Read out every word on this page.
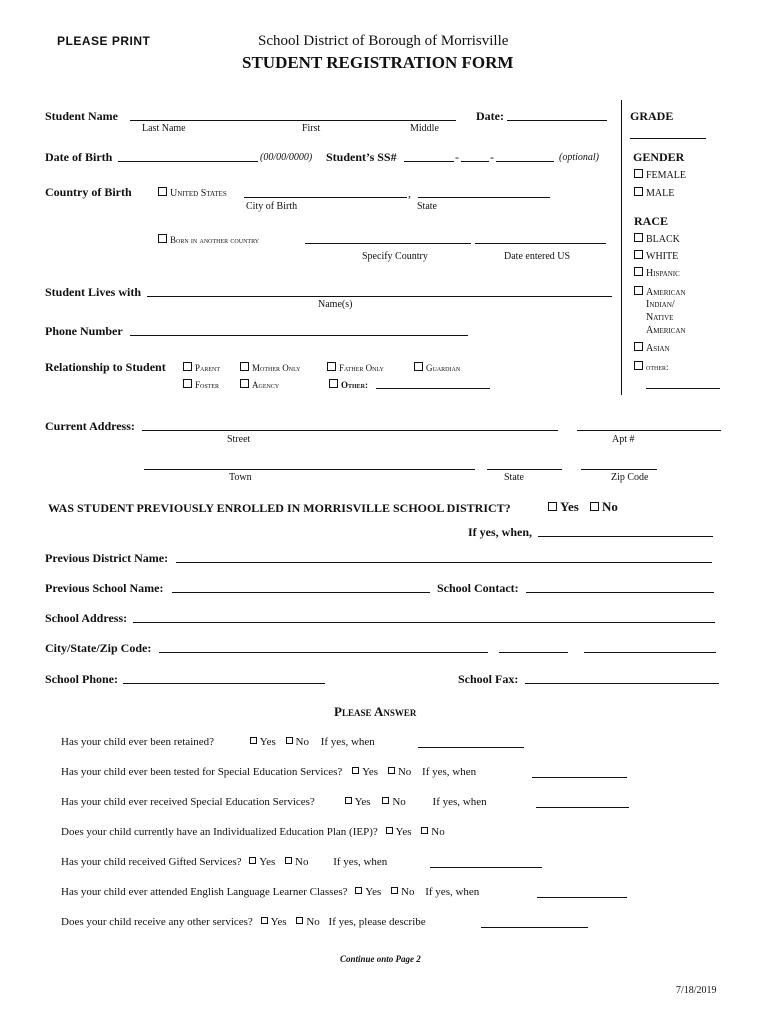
PLEASE PRINT	School District of Borough of Morrisville
STUDENT REGISTRATION FORM
Student Name
Last Name	First	Middle
Date:	GRADE
GENDER
FEMALE
MALE
RACE
BLACK
WHITE
Hispanic
American
Indian/
Native
American
Asian
other:
Date of Birth	(00/00/0000) Student’s SS#	-	-	(optional)
Country of Birth	United States	,
City of Birth	State
Born in another country
Specify Country	Date entered US
Student Lives with
Name(s)
Phone Number
Relationship to Student	Parent	Mother Only	Father Only	Guardian
Foster	Agency	Other:
Current Address:
Street	Apt #
Town	State	Zip Code
WAS STUDENT PREVIOUSLY ENROLLED IN MORRISVILLE SCHOOL DISTRICT?	Yes	No
If yes, when,
Previous District Name:
Previous School Name:	School Contact:
School Address:
City/State/Zip Code:
School Phone:	School Fax:
Please Answer
Has your child ever been retained?	Yes No If yes, when
Has your child ever been tested for Special Education Services? Yes No If yes, when
Has your child ever received Special Education Services?	Yes No If yes, when
Does your child currently have an Individualized Education Plan (IEP)? Yes No
Has your child received Gifted Services? Yes No If yes, when
Has your child ever attended English Language Learner Classes? Yes No If yes, when
Does your child receive any other services? Yes No If yes, please describe
Continue onto Page 2
7/18/2019
